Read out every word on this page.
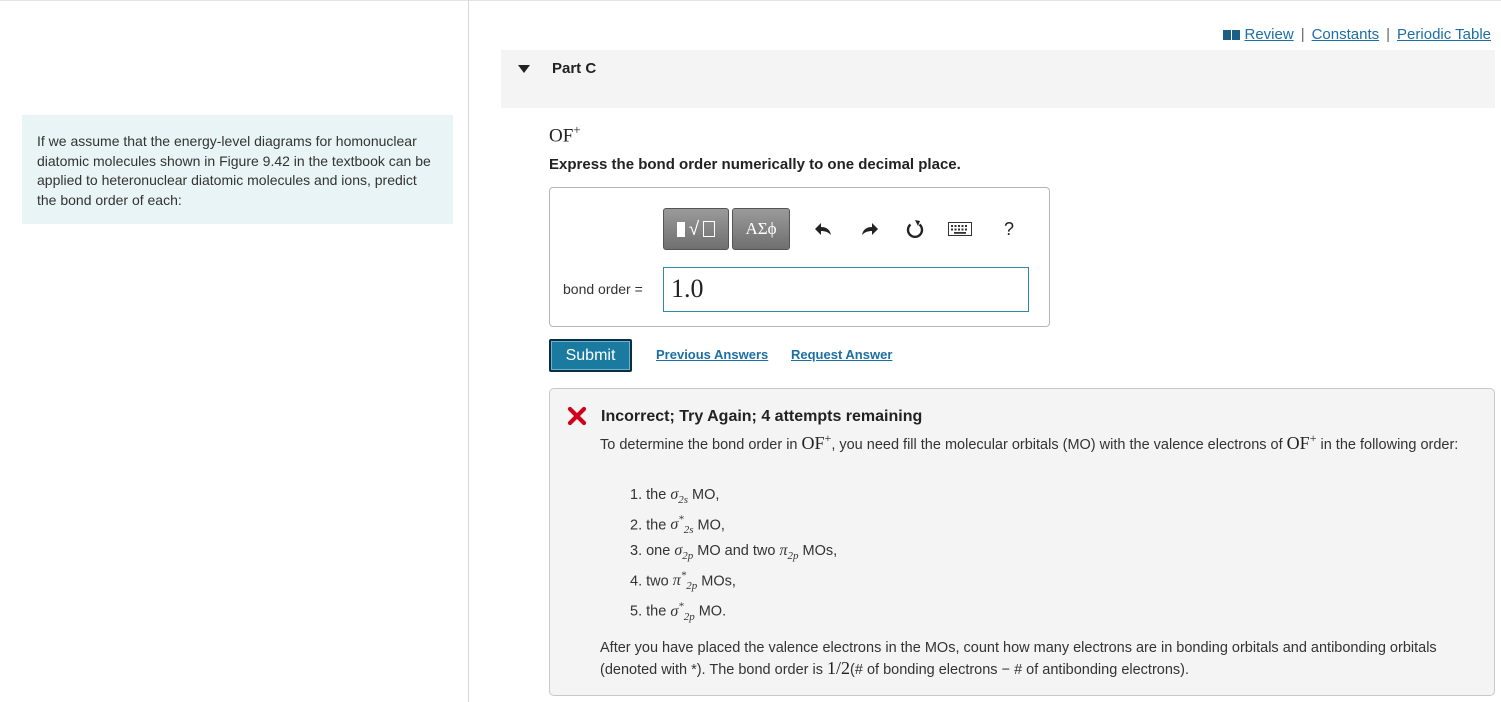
If we assume that the energy-level diagrams for homonuclear diatomic molecules shown in Figure 9.42 in the textbook can be applied to heteronuclear diatomic molecules and ions, predict the bond order of each:
Review | Constants | Periodic Table
Part C
OF+
Express the bond order numerically to one decimal place.
√	ΑΣϕ	?
bond order =	1.0
Submit	Previous Answers Request Answer
Incorrect; Try Again; 4 attempts remaining
To determine the bond order in OF+, you need fill the molecular orbitals (MO) with the valence electrons of OF+ in the following order:
1. the $\sigma_{2s}$ MO,
2. the $\sigma^*_{2s}$ MO,
3. one $\sigma_{2p}$ MO and two $\pi_{2p}$ MOs,
4. two $\pi^*_{2p}$ MOs,
5. the $\sigma^*_{2p}$ MO.
After you have placed the valence electrons in the MOs, count how many electrons are in bonding orbitals and antibonding orbitals (denoted with *). The bond order is 1/2(# of bonding electrons − # of antibonding electrons).
